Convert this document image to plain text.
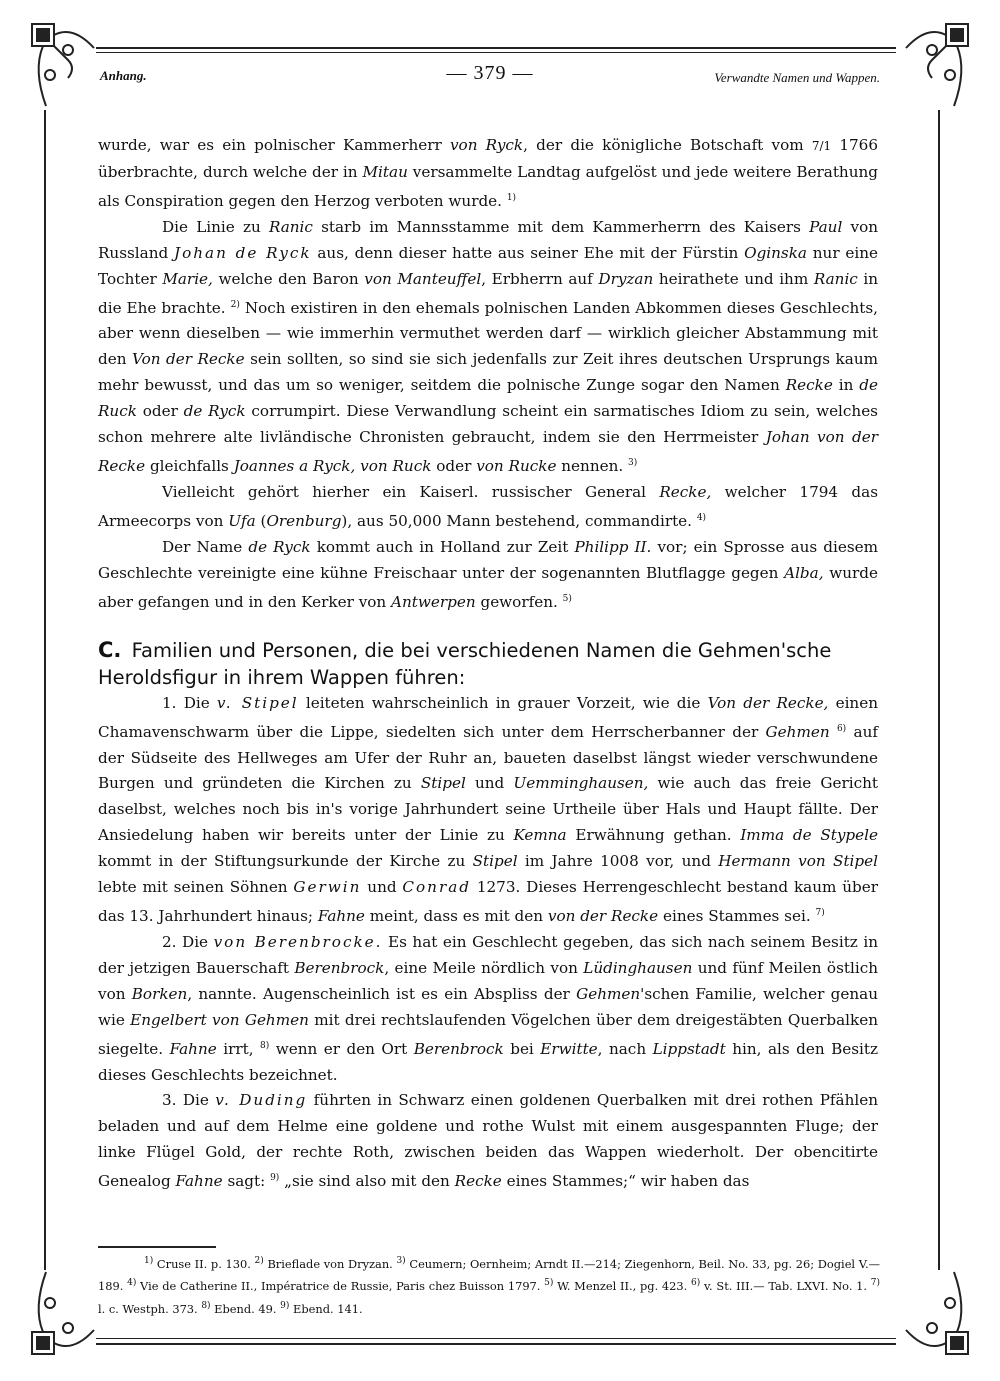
Anhang.	— 379 —	Verwandte Namen und Wappen.

wurde, war es ein polnischer Kammerherr von Ryck, der die königliche Botschaft vom 7/1 1766 überbrachte, durch welche der in Mitau versammelte Landtag aufgelöst und jede weitere Berathung als Conspiration gegen den Herzog verboten wurde. $^{1)}$

Die Linie zu Ranic starb im Mannsstamme mit dem Kammerherrn des Kaisers Paul von Russland Johan de Ryck aus, denn dieser hatte aus seiner Ehe mit der Fürstin Oginska nur eine Tochter Marie, welche den Baron von Manteuffel, Erbherrn auf Dryzan heirathete und ihm Ranic in die Ehe brachte. $^{2)}$ Noch existiren in den ehemals polnischen Landen Abkommen dieses Geschlechts, aber wenn dieselben — wie immerhin vermuthet werden darf — wirklich gleicher Abstammung mit den Von der Recke sein sollten, so sind sie sich jedenfalls zur Zeit ihres deutschen Ursprungs kaum mehr bewusst, und das um so weniger, seitdem die polnische Zunge sogar den Namen Recke in de Ruck oder de Ryck corrumpirt. Diese Verwandlung scheint ein sarmatisches Idiom zu sein, welches schon mehrere alte livländische Chronisten gebraucht, indem sie den Herrmeister Johan von der Recke gleichfalls Joannes a Ryck, von Ruck oder von Rucke nennen. $^{3)}$

Vielleicht gehört hierher ein Kaiserl. russischer General Recke, welcher 1794 das Armeecorps von Ufa (Orenburg), aus 50,000 Mann bestehend, commandirte. $^{4)}$

Der Name de Ryck kommt auch in Holland zur Zeit Philipp II. vor; ein Sprosse aus diesem Geschlechte vereinigte eine kühne Freischaar unter der sogenannten Blutflagge gegen Alba, wurde aber gefangen und in den Kerker von Antwerpen geworfen. $^{5)}$

C. Familien und Personen, die bei verschiedenen Namen die Gehmen'sche Heroldsfigur in ihrem Wappen führen:

1. Die v. Stipel leiteten wahrscheinlich in grauer Vorzeit, wie die Von der Recke, einen Chamavenschwarm über die Lippe, siedelten sich unter dem Herrscherbanner der Gehmen $^{6)}$ auf der Südseite des Hellweges am Ufer der Ruhr an, baueten daselbst längst wieder verschwundene Burgen und gründeten die Kirchen zu Stipel und Uemminghausen, wie auch das freie Gericht daselbst, welches noch bis in's vorige Jahrhundert seine Urtheile über Hals und Haupt fällte. Der Ansiedelung haben wir bereits unter der Linie zu Kemna Erwähnung gethan. Imma de Stypele kommt in der Stiftungsurkunde der Kirche zu Stipel im Jahre 1008 vor, und Hermann von Stipel lebte mit seinen Söhnen Gerwin und Conrad 1273. Dieses Herrengeschlecht bestand kaum über das 13. Jahrhundert hinaus; Fahne meint, dass es mit den von der Recke eines Stammes sei. $^{7)}$

2. Die von Berenbrocke. Es hat ein Geschlecht gegeben, das sich nach seinem Besitz in der jetzigen Bauerschaft Berenbrock, eine Meile nördlich von Lüdinghausen und fünf Meilen östlich von Borken, nannte. Augenscheinlich ist es ein Abspliss der Gehmen'schen Familie, welcher genau wie Engelbert von Gehmen mit drei rechtslaufenden Vögelchen über dem dreigestäbten Querbalken siegelte. Fahne irrt, $^{8)}$ wenn er den Ort Berenbrock bei Erwitte, nach Lippstadt hin, als den Besitz dieses Geschlechts bezeichnet.

3. Die v. Duding führten in Schwarz einen goldenen Querbalken mit drei rothen Pfählen beladen und auf dem Helme eine goldene und rothe Wulst mit einem ausgespannten Fluge; der linke Flügel Gold, der rechte Roth, zwischen beiden das Wappen wiederholt. Der obencitirte Genealog Fahne sagt: $^{9)}$ „sie sind also mit den Recke eines Stammes;“ wir haben das

$^{1)}$ Cruse II. p. 130. $^{2)}$ Brieflade von Dryzan. $^{3)}$ Ceumern; Oernheim; Arndt II.—214; Ziegenhorn, Beil. No. 33, pg. 26; Dogiel V.—189. $^{4)}$ Vie de Catherine II., Impératrice de Russie, Paris chez Buisson 1797. $^{5)}$ W. Menzel II., pg. 423. $^{6)}$ v. St. III.— Tab. LXVI. No. 1. $^{7)}$ l. c. Westph. 373. $^{8)}$ Ebend. 49. $^{9)}$ Ebend. 141.
